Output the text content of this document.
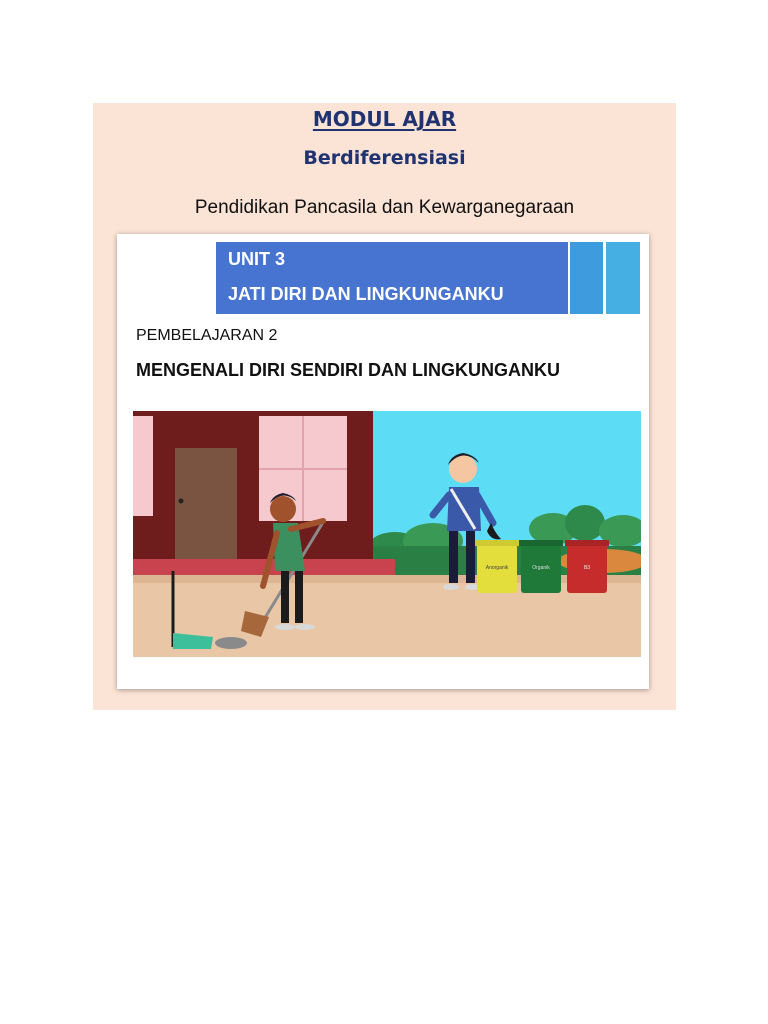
MODUL AJAR
Berdiferensiasi
Pendidikan Pancasila dan Kewarganegaraan
UNIT 3
JATI DIRI DAN LINGKUNGANKU
PEMBELAJARAN 2
MENGENALI DIRI SENDIRI DAN LINGKUNGANKU
Anorganik	Organik	B3
